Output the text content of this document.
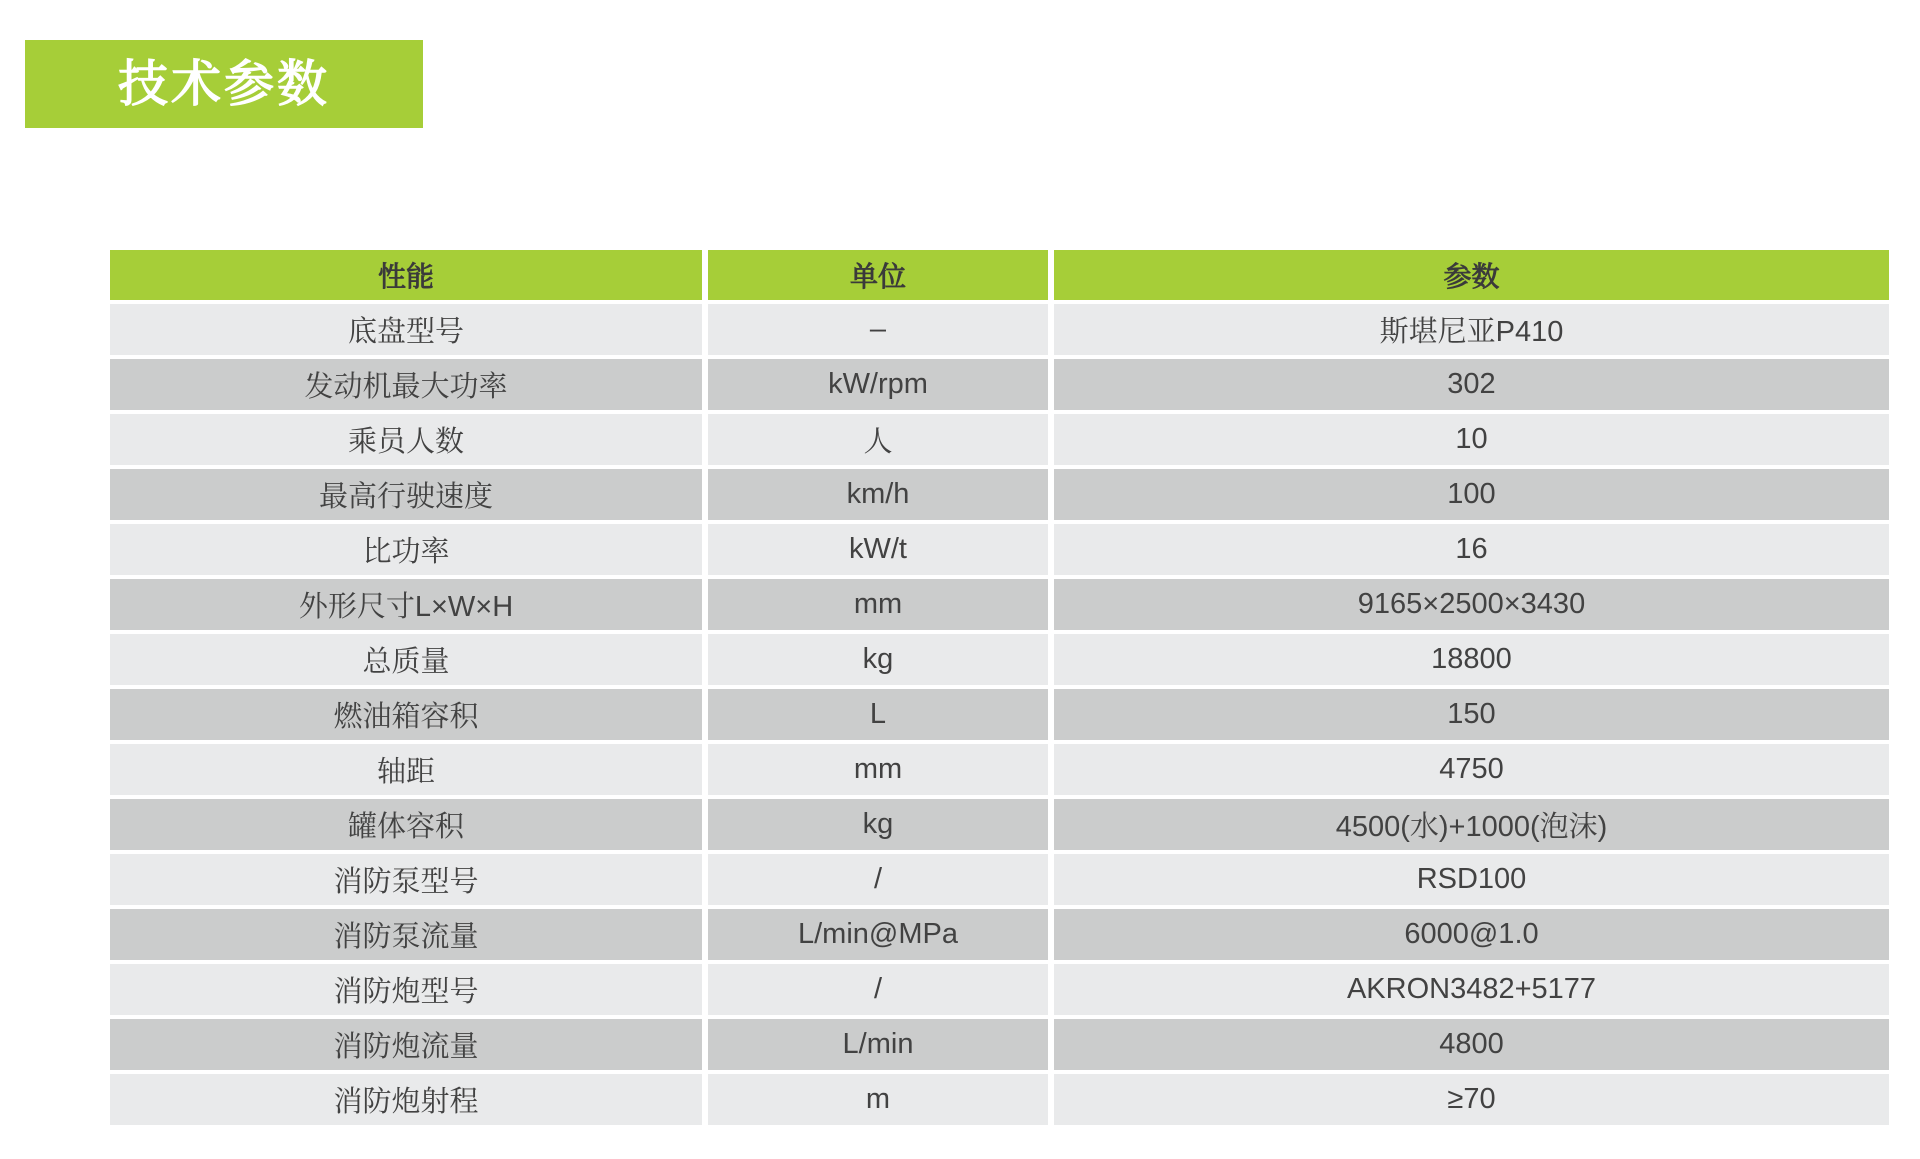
技术参数
性能	单位	参数
底盘型号	–	斯堪尼亚P410
发动机最大功率	kW/rpm	302
乘员人数	人	10
最高行驶速度	km/h	100
比功率	kW/t	16
外形尺寸L×W×H	mm	9165×2500×3430
总质量	kg	18800
燃油箱容积	L	150
轴距	mm	4750
罐体容积	kg	4500(水)+1000(泡沫)
消防泵型号	/	RSD100
消防泵流量	L/min@MPa	6000@1.0
消防炮型号	/	AKRON3482+5177
消防炮流量	L/min	4800
消防炮射程	m	≥70
